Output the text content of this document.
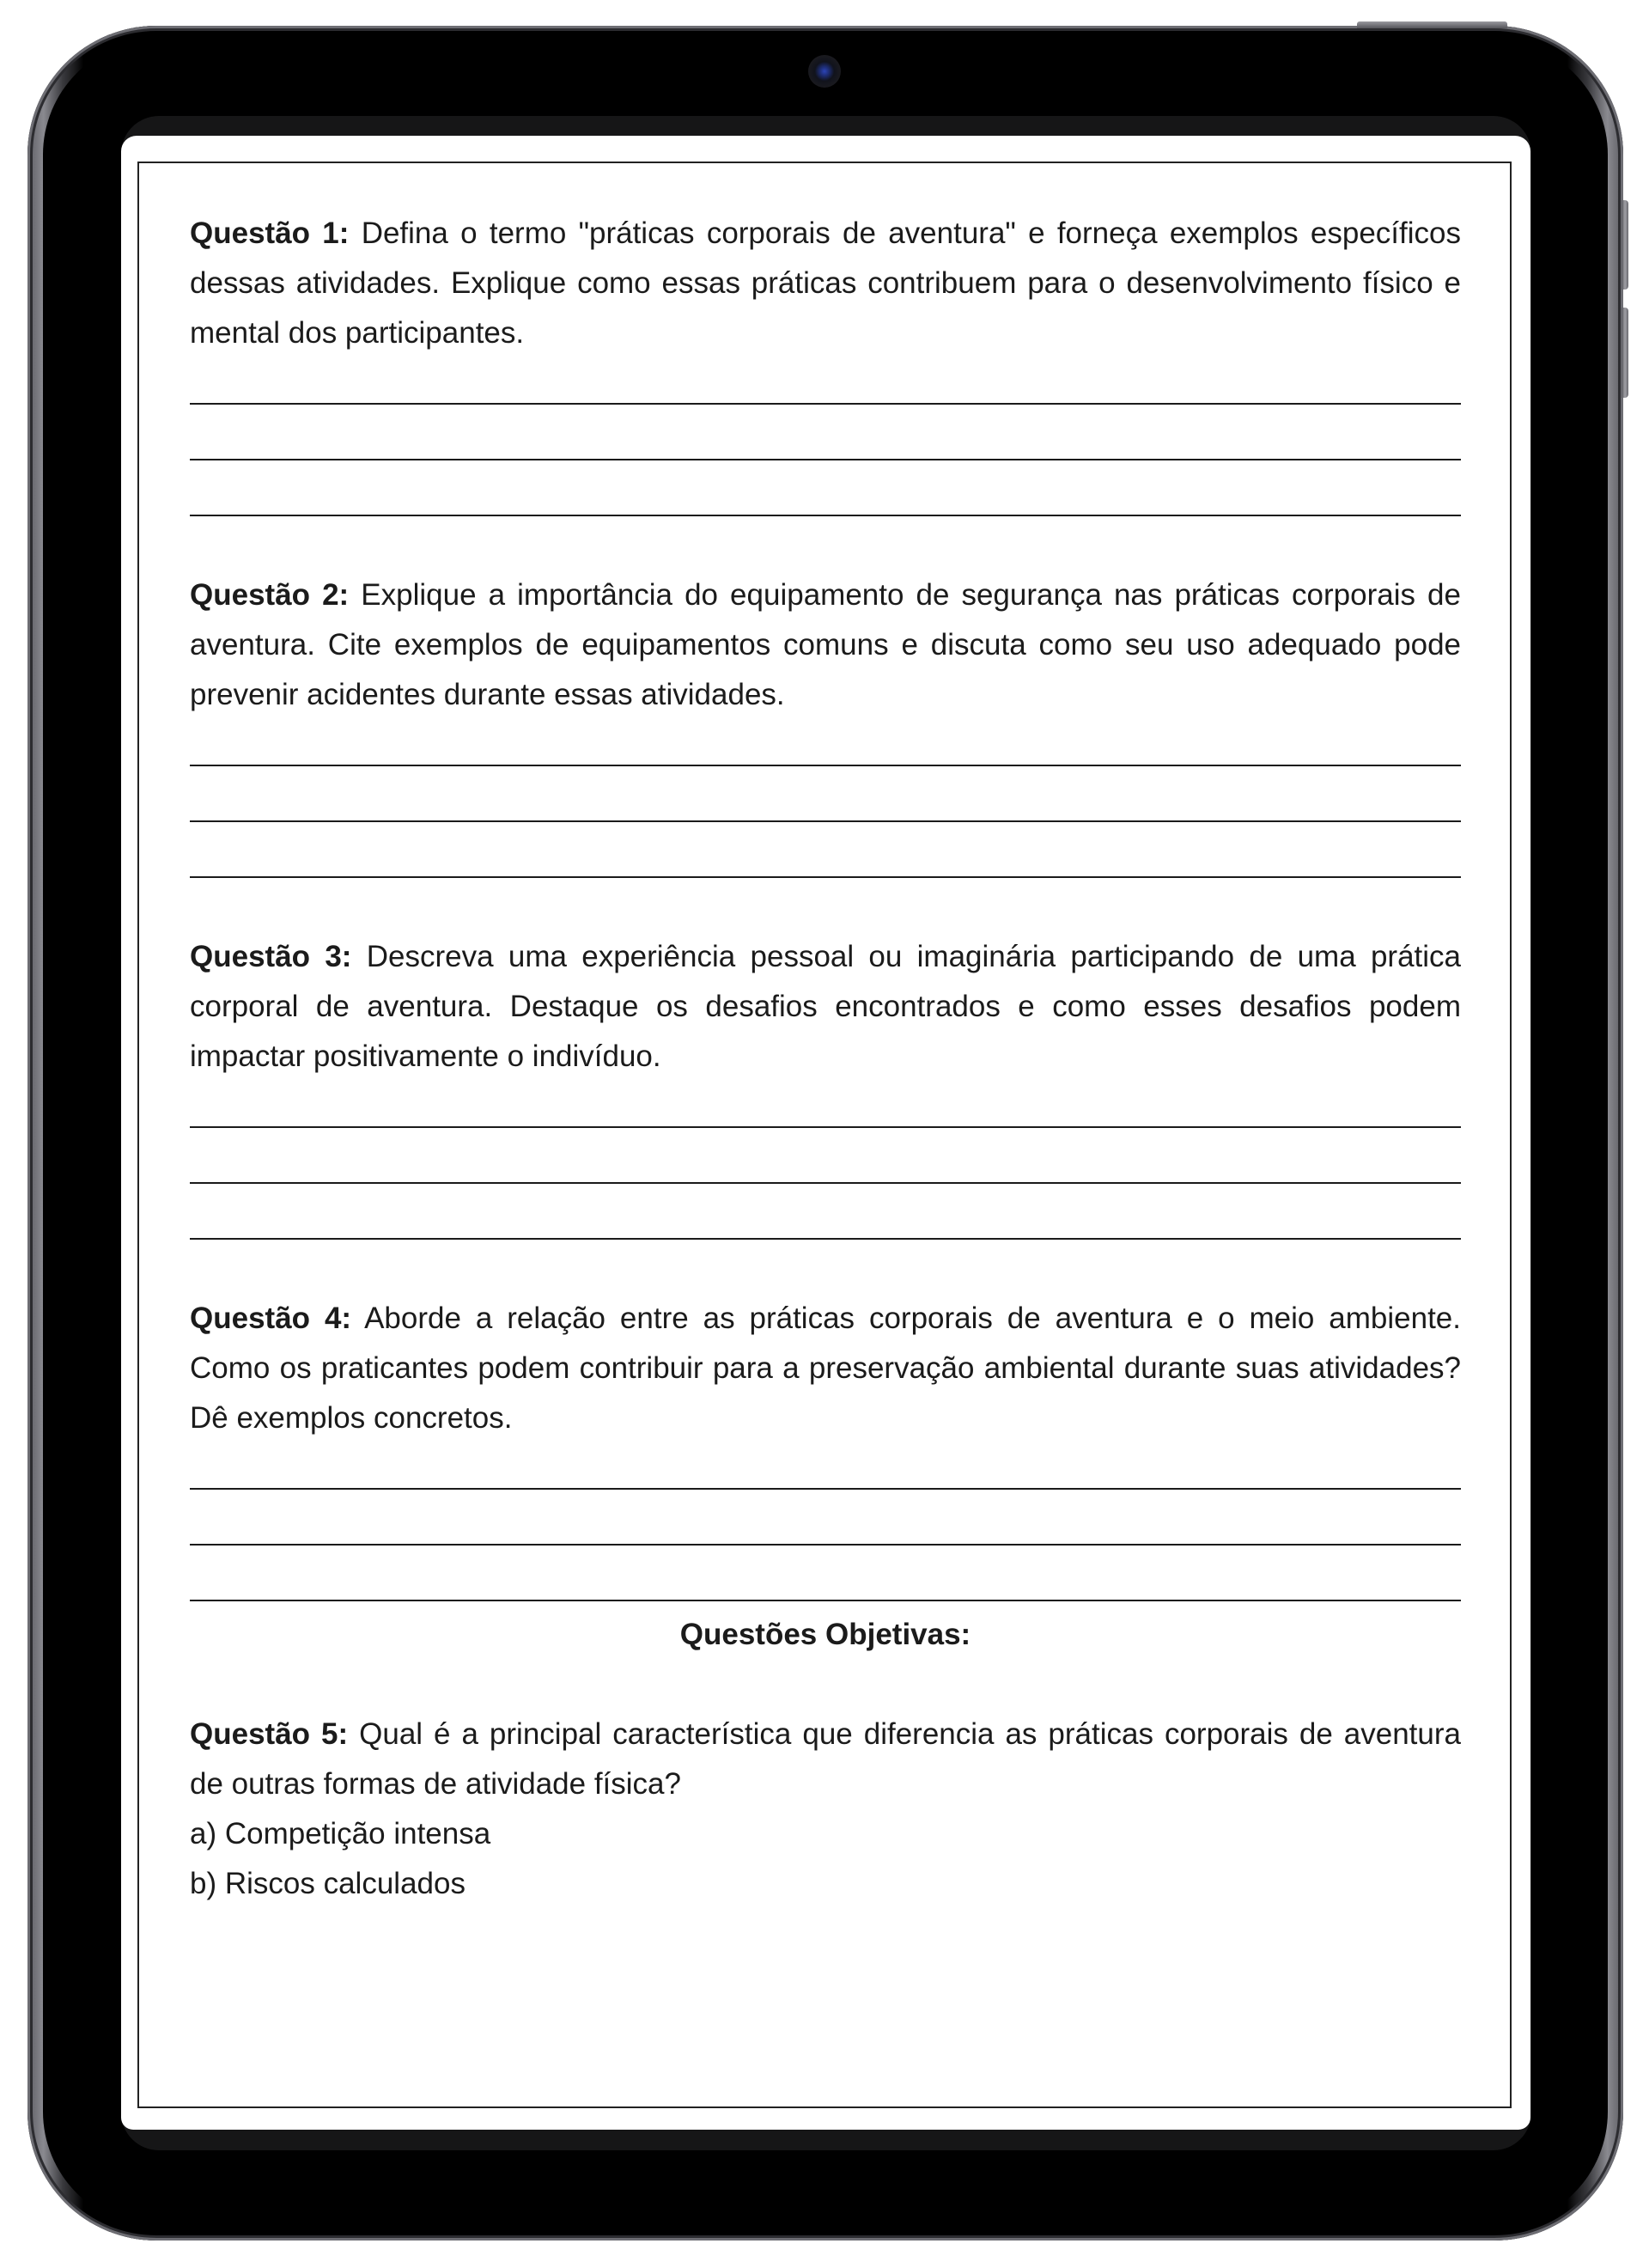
Questão 1: Defina o termo "práticas corporais de aventura" e forneça exemplos específicos dessas atividades. Explique como essas práticas contribuem para o desenvolvimento físico e mental dos participantes.

Questão 2: Explique a importância do equipamento de segurança nas práticas corporais de aventura. Cite exemplos de equipamentos comuns e discuta como seu uso adequado pode prevenir acidentes durante essas atividades.

Questão 3: Descreva uma experiência pessoal ou imaginária participando de uma prática corporal de aventura. Destaque os desafios encontrados e como esses desafios podem impactar positivamente o indivíduo.

Questão 4: Aborde a relação entre as práticas corporais de aventura e o meio ambiente. Como os praticantes podem contribuir para a preservação ambiental durante suas atividades? Dê exemplos concretos.

Questões Objetivas:

Questão 5: Qual é a principal característica que diferencia as práticas corporais de aventura de outras formas de atividade física?

a) Competição intensa

b) Riscos calculados
